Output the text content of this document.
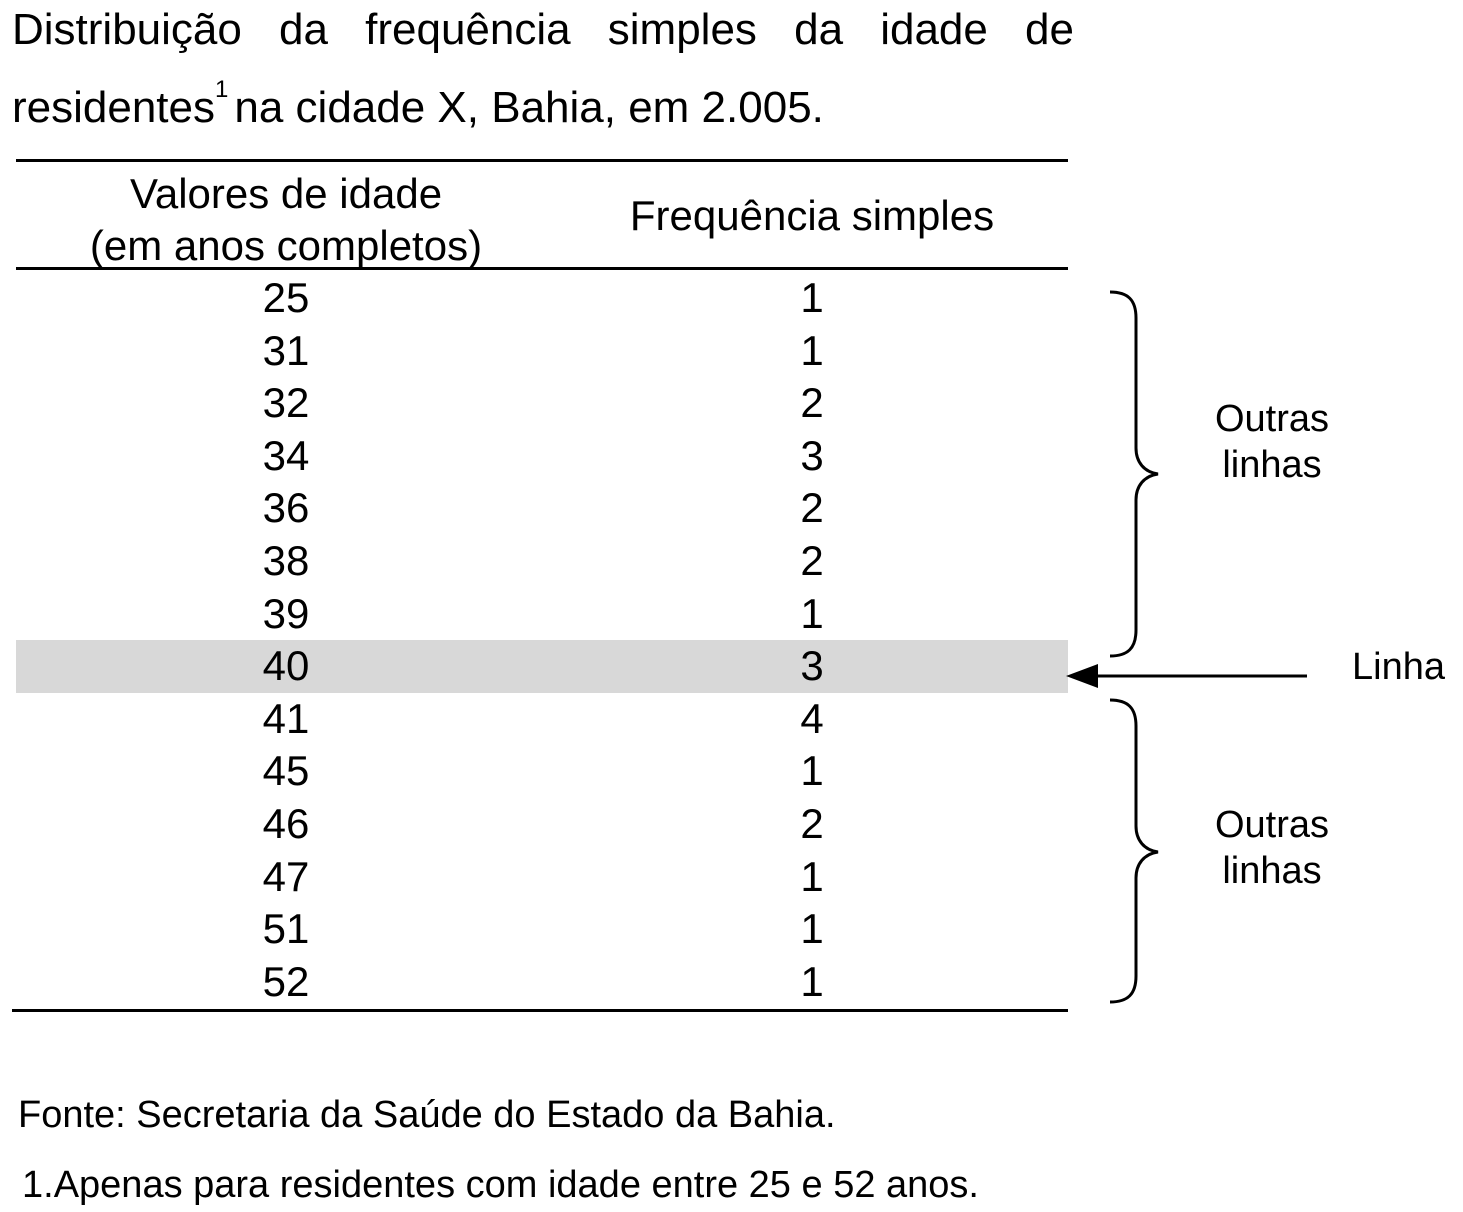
Distribuição da frequência simples da idade de
residentes$^1$ na cidade X, Bahia, em 2.005.
Valores de idade
(em anos completos)
Frequência simples
25	1
31	1
32	2
34	3
36	2
38	2
39	1
40	3
41	4
45	1
46	2
47	1
51	1
52	1
Outras
linhas
Outras
linhas
Linha
Fonte: Secretaria da Saúde do Estado da Bahia.
1.Apenas para residentes com idade entre 25 e 52 anos.
